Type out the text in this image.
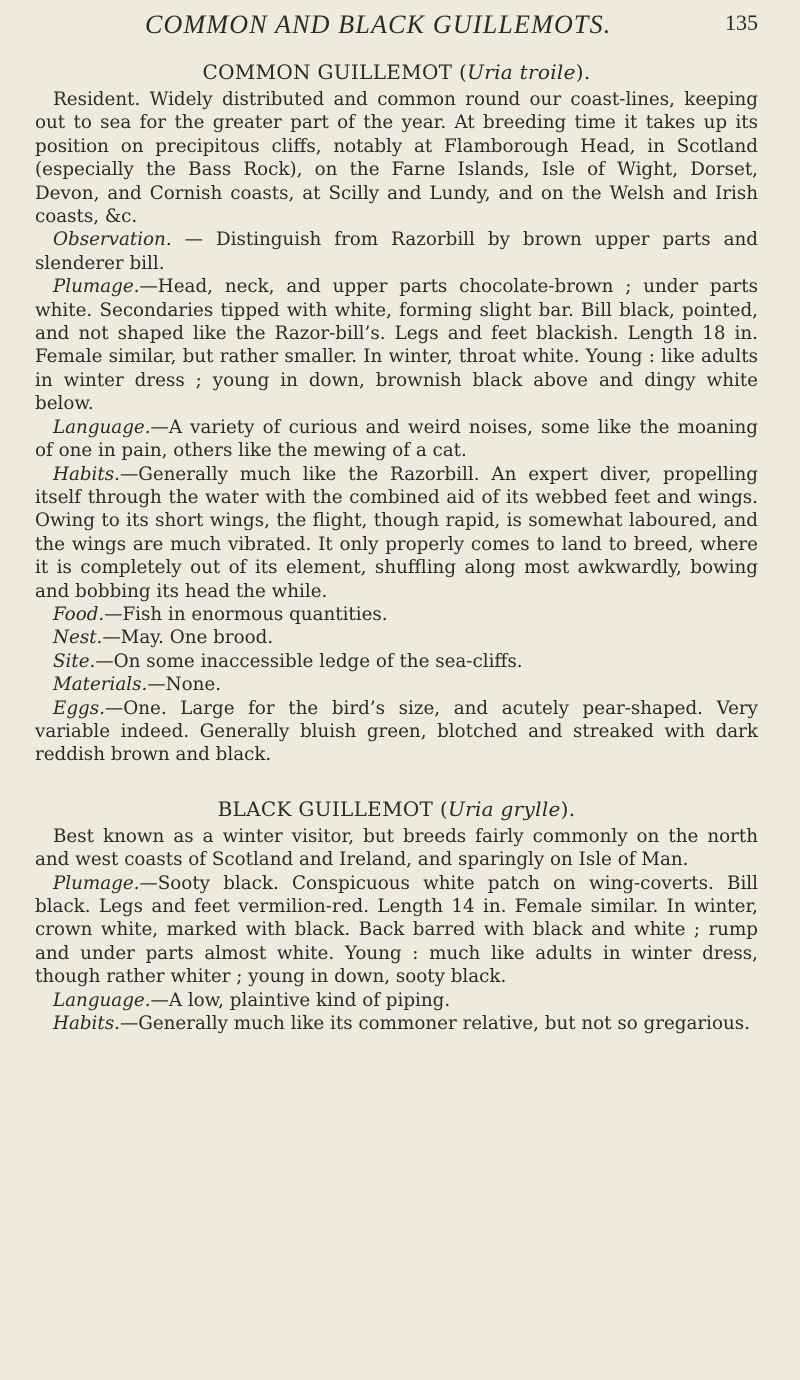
COMMON AND BLACK GUILLEMOTS.	135
COMMON GUILLEMOT (Uria troile).

Resident. Widely distributed and common round our coast-lines, keeping out to sea for the greater part of the year. At breeding time it takes up its position on precipitous cliffs, notably at Flamborough Head, in Scotland (especially the Bass Rock), on the Farne Islands, Isle of Wight, Dorset, Devon, and Cornish coasts, at Scilly and Lundy, and on the Welsh and Irish coasts, &c.

Observation. — Distinguish from Razorbill by brown upper parts and slenderer bill.

Plumage.—Head, neck, and upper parts chocolate-brown ; under parts white. Secondaries tipped with white, forming slight bar. Bill black, pointed, and not shaped like the Razor-bill’s. Legs and feet blackish. Length 18 in. Female similar, but rather smaller. In winter, throat white. Young : like adults in winter dress ; young in down, brownish black above and dingy white below.

Language.—A variety of curious and weird noises, some like the moaning of one in pain, others like the mewing of a cat.

Habits.—Generally much like the Razorbill. An expert diver, propelling itself through the water with the combined aid of its webbed feet and wings. Owing to its short wings, the flight, though rapid, is somewhat laboured, and the wings are much vibrated. It only properly comes to land to breed, where it is completely out of its element, shuffling along most awkwardly, bowing and bobbing its head the while.

Food.—Fish in enormous quantities.

Nest.—May. One brood.

Site.—On some inaccessible ledge of the sea-cliffs.

Materials.—None.

Eggs.—One. Large for the bird’s size, and acutely pear-shaped. Very variable indeed. Generally bluish green, blotched and streaked with dark reddish brown and black.

BLACK GUILLEMOT (Uria grylle).

Best known as a winter visitor, but breeds fairly commonly on the north and west coasts of Scotland and Ireland, and sparingly on Isle of Man.

Plumage.—Sooty black. Conspicuous white patch on wing-coverts. Bill black. Legs and feet vermilion-red. Length 14 in. Female similar. In winter, crown white, marked with black. Back barred with black and white ; rump and under parts almost white. Young : much like adults in winter dress, though rather whiter ; young in down, sooty black.

Language.—A low, plaintive kind of piping.

Habits.—Generally much like its commoner relative, but not so gregarious.
